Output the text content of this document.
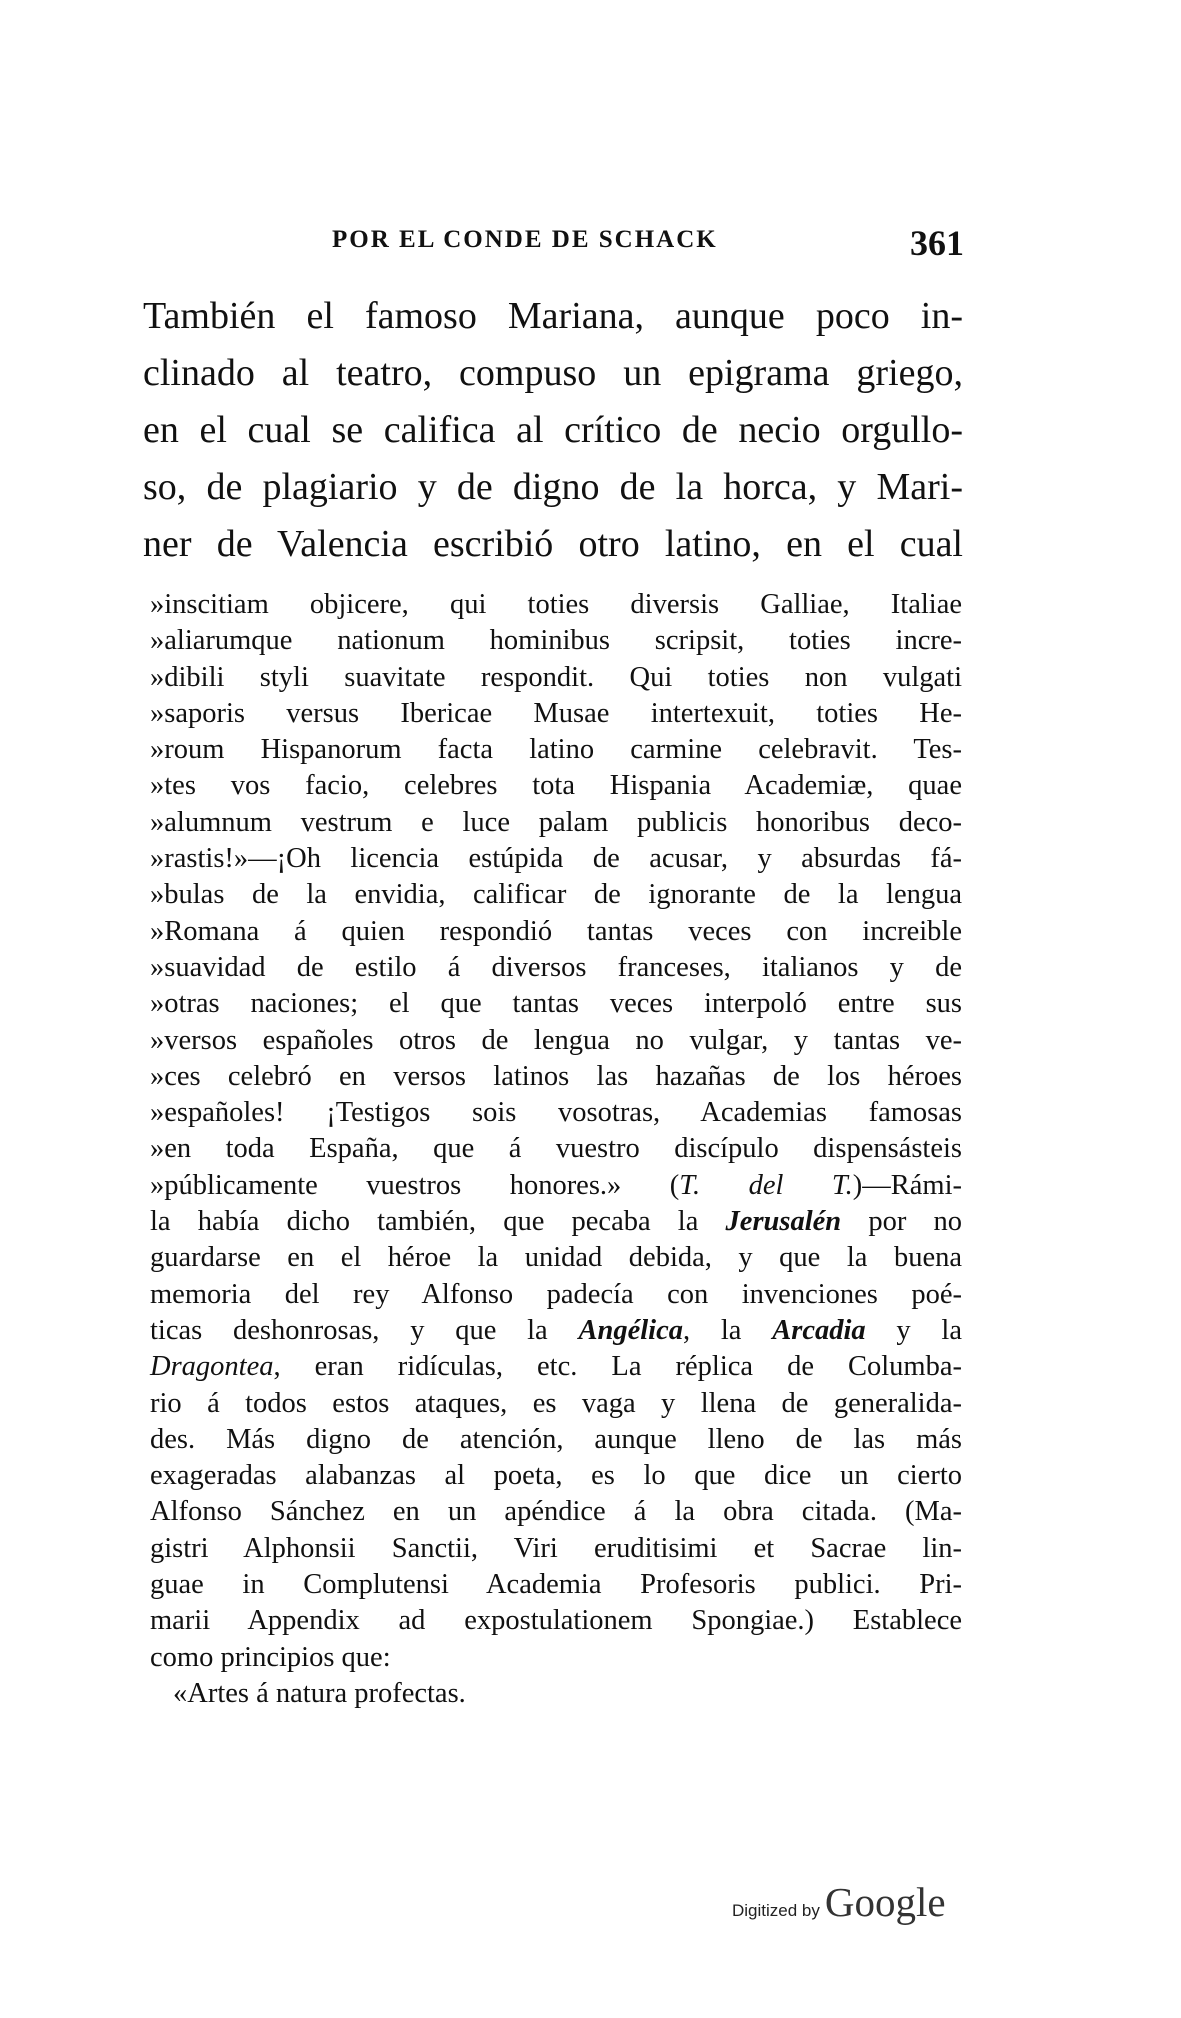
POR EL CONDE DE SCHACK	361
También el famoso Mariana, aunque poco in-
clinado al teatro, compuso un epigrama griego,
en el cual se califica al crítico de necio orgullo-
so, de plagiario y de digno de la horca, y Mari-
ner de Valencia escribió otro latino, en el cual
»inscitiam objicere, qui toties diversis Galliae, Italiae
»aliarumque nationum hominibus scripsit, toties incre-
»dibili styli suavitate respondit. Qui toties non vulgati
»saporis versus Ibericae Musae intertexuit, toties He-
»roum Hispanorum facta latino carmine celebravit. Tes-
»tes vos facio, celebres tota Hispania Academiæ, quae
»alumnum vestrum e luce palam publicis honoribus deco-
»rastis!»—¡Oh licencia estúpida de acusar, y absurdas fá-
»bulas de la envidia, calificar de ignorante de la lengua
»Romana á quien respondió tantas veces con increible
»suavidad de estilo á diversos franceses, italianos y de
»otras naciones; el que tantas veces interpoló entre sus
»versos españoles otros de lengua no vulgar, y tantas ve-
»ces celebró en versos latinos las hazañas de los héroes
»españoles! ¡Testigos sois vosotras, Academias famosas
»en toda España, que á vuestro discípulo dispensásteis
»públicamente vuestros honores.» (T. del T.)—Rámi-
la había dicho también, que pecaba la Jerusalén por no
guardarse en el héroe la unidad debida, y que la buena
memoria del rey Alfonso padecía con invenciones poé-
ticas deshonrosas, y que la Angélica, la Arcadia y la
Dragontea, eran ridículas, etc. La réplica de Columba-
rio á todos estos ataques, es vaga y llena de generalida-
des. Más digno de atención, aunque lleno de las más
exageradas alabanzas al poeta, es lo que dice un cierto
Alfonso Sánchez en un apéndice á la obra citada. (Ma-
gistri Alphonsii Sanctii, Viri eruditisimi et Sacrae lin-
guae in Complutensi Academia Profesoris publici. Pri-
marii Appendix ad expostulationem Spongiae.) Establece
como principios que:
«Artes á natura profectas.
Digitized by Google
